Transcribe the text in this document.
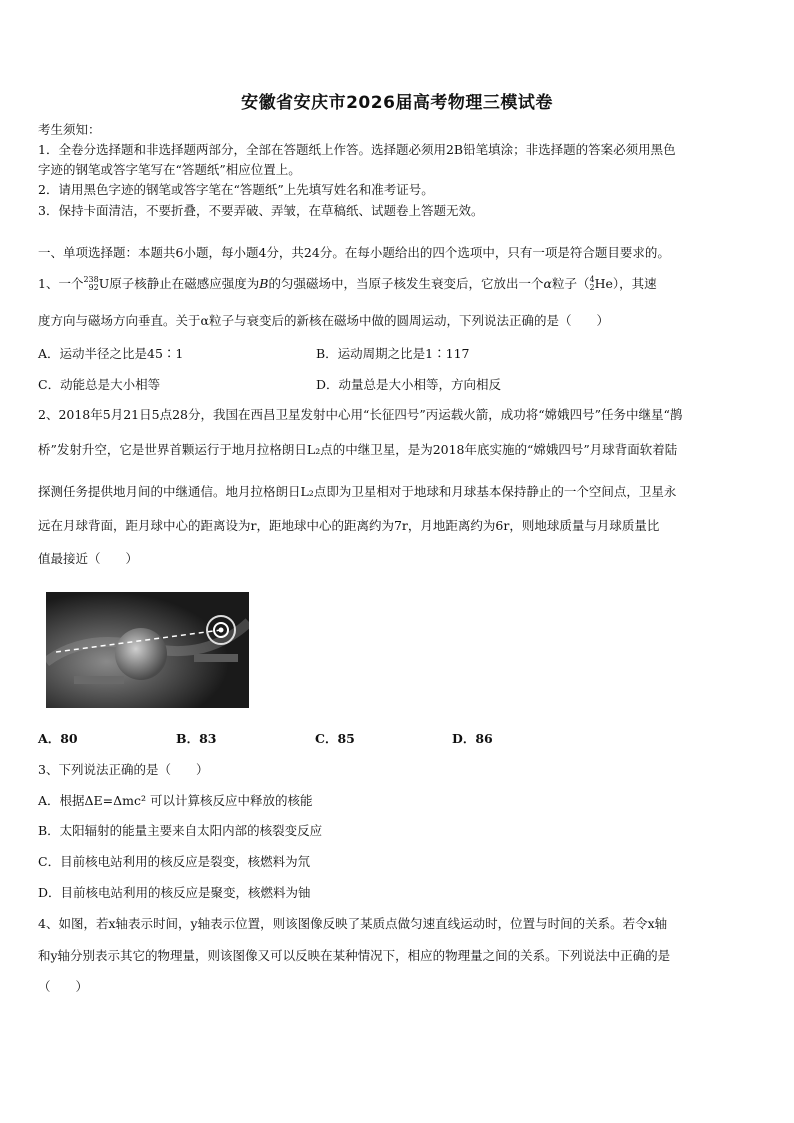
安徽省安庆市2026届高考物理三模试卷
考生须知：
1．全卷分选择题和非选择题两部分，全部在答题纸上作答。选择题必须用2B铅笔填涂；非选择题的答案必须用黑色
字迹的钢笔或答字笔写在“答题纸”相应位置上。
2．请用黑色字迹的钢笔或答字笔在“答题纸”上先填写姓名和准考证号。
3．保持卡面清洁，不要折叠，不要弄破、弄皱，在草稿纸、试题卷上答题无效。
一、单项选择题：本题共6小题，每小题4分，共24分。在每小题给出的四个选项中，只有一项是符合题目要求的。
1、一个238
92U原子核静止在磁感应强度为B的匀强磁场中，当原子核发生衰变后，它放出一个α粒子（4
2He），其速
度方向与磁场方向垂直。关于α粒子与衰变后的新核在磁场中做的圆周运动，下列说法正确的是（　　）
A．运动半径之比是45∶1	B．运动周期之比是1∶117
C．动能总是大小相等	D．动量总是大小相等，方向相反
2、2018年5月21日5点28分，我国在西昌卫星发射中心用“长征四号”丙运载火箭，成功将“嫦娥四号”任务中继星“鹊
桥”发射升空，它是世界首颗运行于地月拉格朗日L₂点的中继卫星，是为2018年底实施的“嫦娥四号”月球背面软着陆
探测任务提供地月间的中继通信。地月拉格朗日L₂点即为卫星相对于地球和月球基本保持静止的一个空间点，卫星永
远在月球背面，距月球中心的距离设为r，距地球中心的距离约为7r，月地距离约为6r，则地球质量与月球质量比
值最接近（　　）
A．80	B．83	C．85	D．86
3、下列说法正确的是（　　）
A．根据ΔE=Δmc² 可以计算核反应中释放的核能
B．太阳辐射的能量主要来自太阳内部的核裂变反应
C．目前核电站利用的核反应是裂变，核燃料为氘
D．目前核电站利用的核反应是聚变，核燃料为铀
4、如图，若x轴表示时间，y轴表示位置，则该图像反映了某质点做匀速直线运动时，位置与时间的关系。若令x轴
和y轴分别表示其它的物理量，则该图像又可以反映在某种情况下，相应的物理量之间的关系。下列说法中正确的是
（　　）
